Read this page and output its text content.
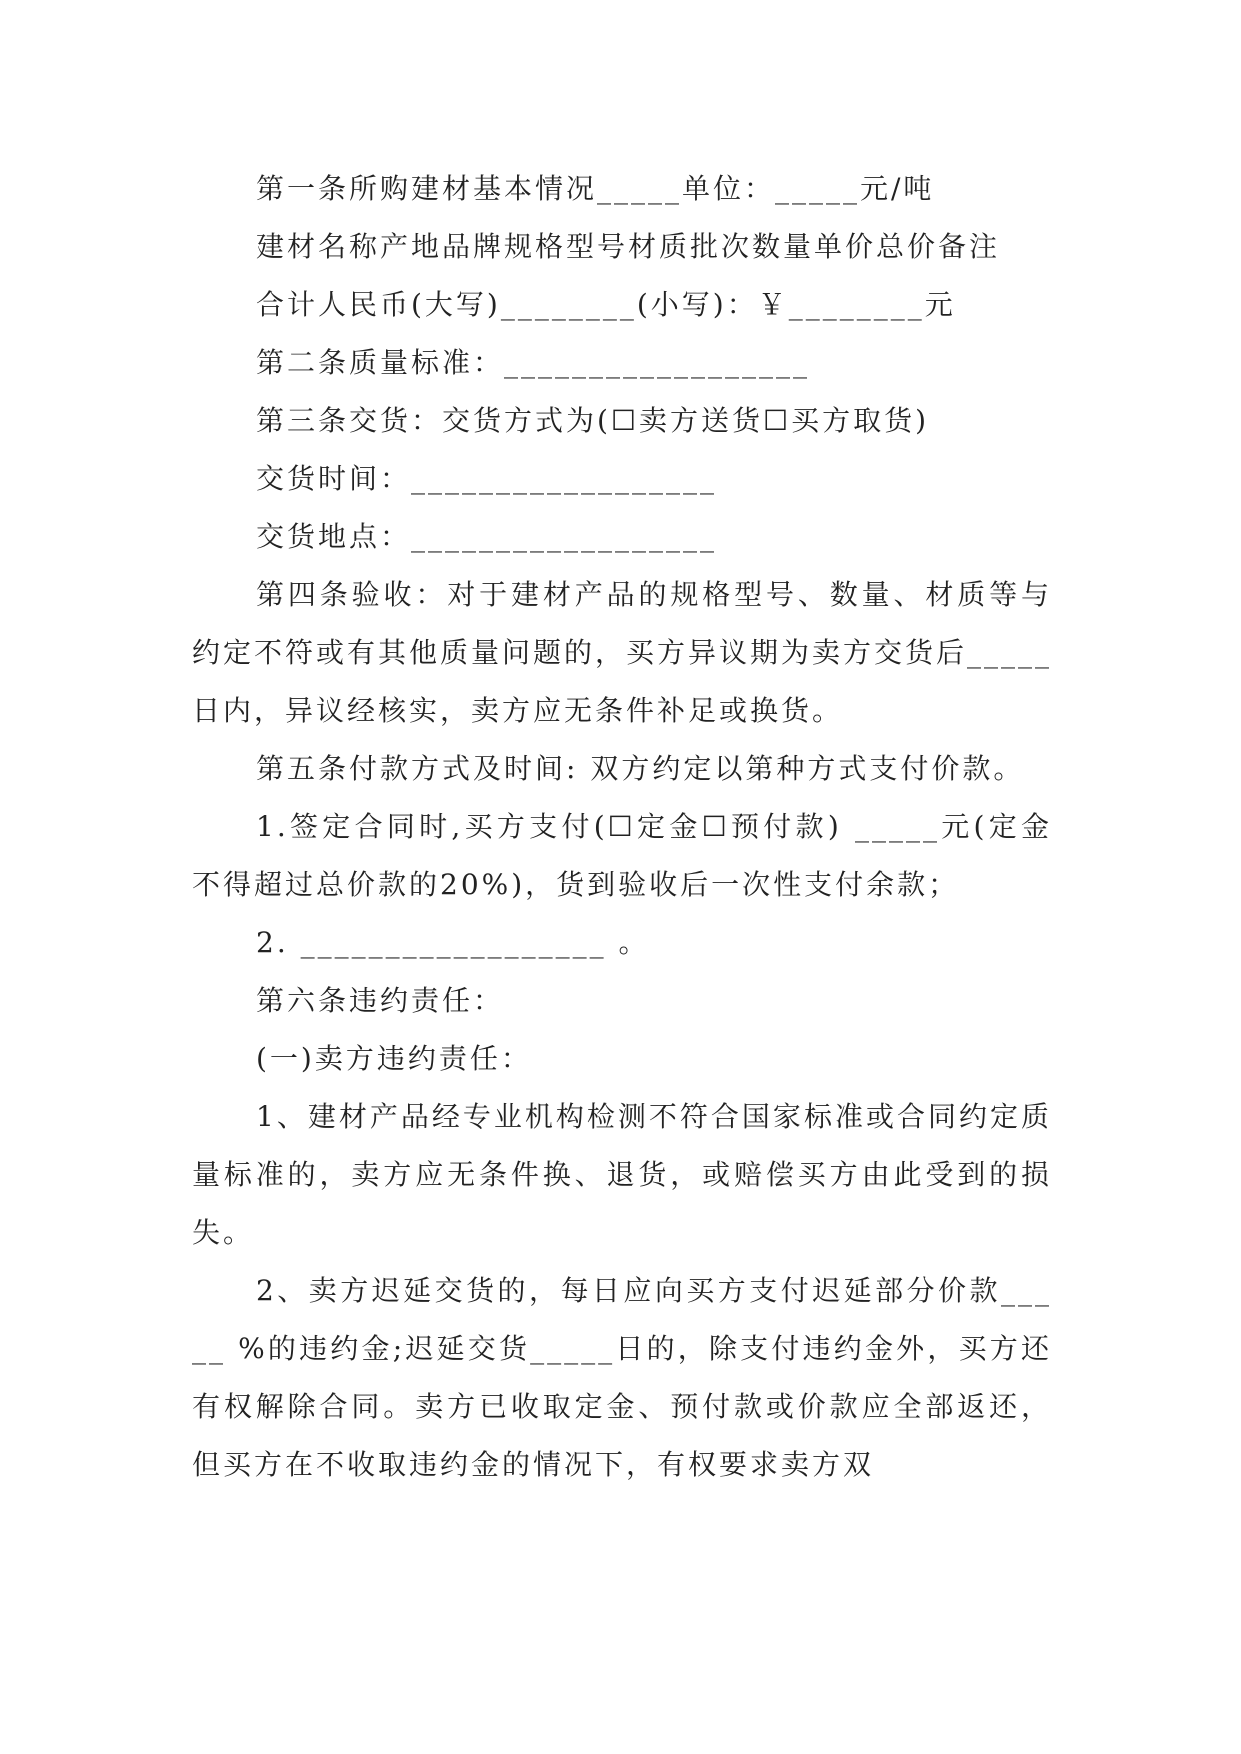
第一条所购建材基本情况_____单位：_____元/吨

建材名称产地品牌规格型号材质批次数量单价总价备注

合计人民币(大写)________(小写)：￥________元

第二条质量标准：__________________

第三条交货：交货方式为(☐卖方送货☐买方取货)

交货时间：__________________

交货地点：__________________

第四条验收：对于建材产品的规格型号、数量、材质等与约定不符或有其他质量问题的，买方异议期为卖方交货后_____日内，异议经核实，卖方应无条件补足或换货。

第五条付款方式及时间: 双方约定以第种方式支付价款。

1.签定合同时,买方支付(☐定金☐预付款) _____元(定金不得超过总价款的20%)，货到验收后一次性支付余款；

2. __________________ 。

第六条违约责任：

(一)卖方违约责任：

1、建材产品经专业机构检测不符合国家标准或合同约定质量标准的，卖方应无条件换、退货，或赔偿买方由此受到的损失。

2、卖方迟延交货的，每日应向买方支付迟延部分价款_____ %的违约金;迟延交货_____日的，除支付违约金外，买方还有权解除合同。卖方已收取定金、预付款或价款应全部返还，但买方在不收取违约金的情况下，有权要求卖方双
